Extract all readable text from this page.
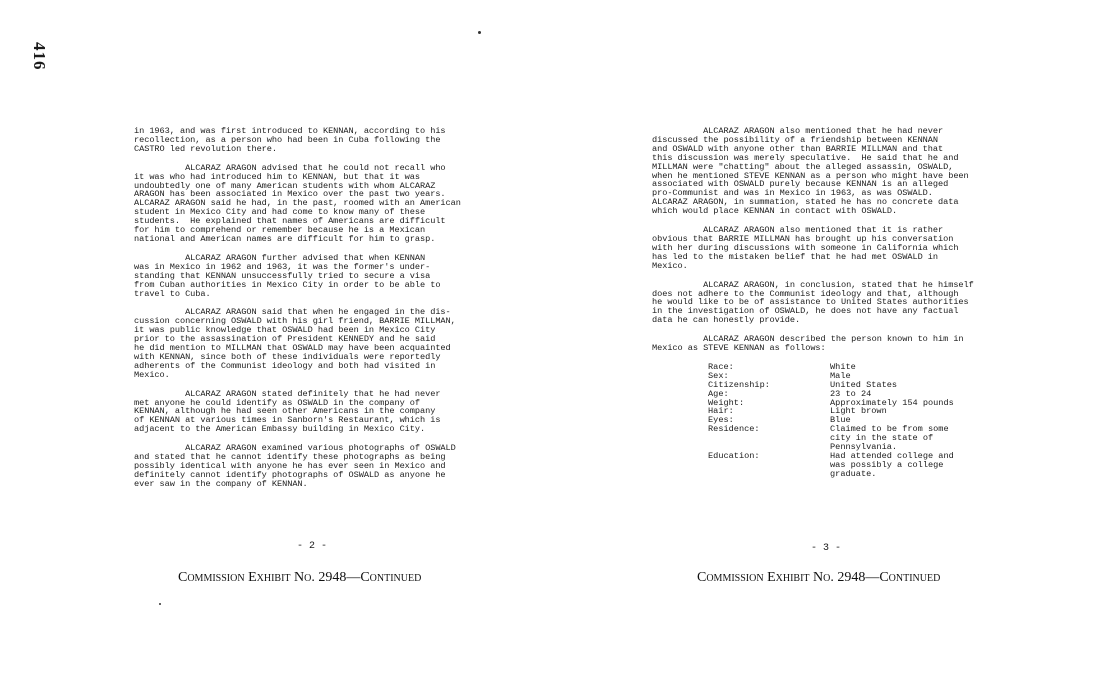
416

in 1963, and was first introduced to KENNAN, according to his
recollection, as a person who had been in Cuba following the
CASTRO led revolution there.

ALCARAZ ARAGON advised that he could not recall who
it was who had introduced him to KENNAN, but that it was
undoubtedly one of many American students with whom ALCARAZ
ARAGON has been associated in Mexico over the past two years.
ALCARAZ ARAGON said he had, in the past, roomed with an American
student in Mexico City and had come to know many of these
students.  He explained that names of Americans are difficult
for him to comprehend or remember because he is a Mexican
national and American names are difficult for him to grasp.

ALCARAZ ARAGON further advised that when KENNAN
was in Mexico in 1962 and 1963, it was the former's under-
standing that KENNAN unsuccessfully tried to secure a visa
from Cuban authorities in Mexico City in order to be able to
travel to Cuba.

ALCARAZ ARAGON said that when he engaged in the dis-
cussion concerning OSWALD with his girl friend, BARRIE MILLMAN,
it was public knowledge that OSWALD had been in Mexico City
prior to the assassination of President KENNEDY and he said
he did mention to MILLMAN that OSWALD may have been acquainted
with KENNAN, since both of these individuals were reportedly
adherents of the Communist ideology and both had visited in
Mexico.

ALCARAZ ARAGON stated definitely that he had never
met anyone he could identify as OSWALD in the company of
KENNAN, although he had seen other Americans in the company
of KENNAN at various times in Sanborn's Restaurant, which is
adjacent to the American Embassy building in Mexico City.

ALCARAZ ARAGON examined various photographs of OSWALD
and stated that he cannot identify these photographs as being
possibly identical with anyone he has ever seen in Mexico and
definitely cannot identify photographs of OSWALD as anyone he
ever saw in the company of KENNAN.

- 2 -
Commission Exhibit No. 2948—Continued

ALCARAZ ARAGON also mentioned that he had never
discussed the possibility of a friendship between KENNAN
and OSWALD with anyone other than BARRIE MILLMAN and that
this discussion was merely speculative.  He said that he and
MILLMAN were "chatting" about the alleged assassin, OSWALD,
when he mentioned STEVE KENNAN as a person who might have been
associated with OSWALD purely because KENNAN is an alleged
pro-Communist and was in Mexico in 1963, as was OSWALD.
ALCARAZ ARAGON, in summation, stated he has no concrete data
which would place KENNAN in contact with OSWALD.

ALCARAZ ARAGON also mentioned that it is rather
obvious that BARRIE MILLMAN has brought up his conversation
with her during discussions with someone in California which
has led to the mistaken belief that he had met OSWALD in
Mexico.

ALCARAZ ARAGON, in conclusion, stated that he himself
does not adhere to the Communist ideology and that, although
he would like to be of assistance to United States authorities
in the investigation of OSWALD, he does not have any factual
data he can honestly provide.

ALCARAZ ARAGON described the person known to him in
Mexico as STEVE KENNAN as follows:

Race:	White
Sex:	Male
Citizenship:	United States
Age:	23 to 24
Weight:	Approximately 154 pounds
Hair:	Light brown
Eyes:	Blue
Residence:	Claimed to be from some
city in the state of
Pennsylvania.
Education:	Had attended college and
was possibly a college
graduate.
- 3 -
Commission Exhibit No. 2948—Continued
